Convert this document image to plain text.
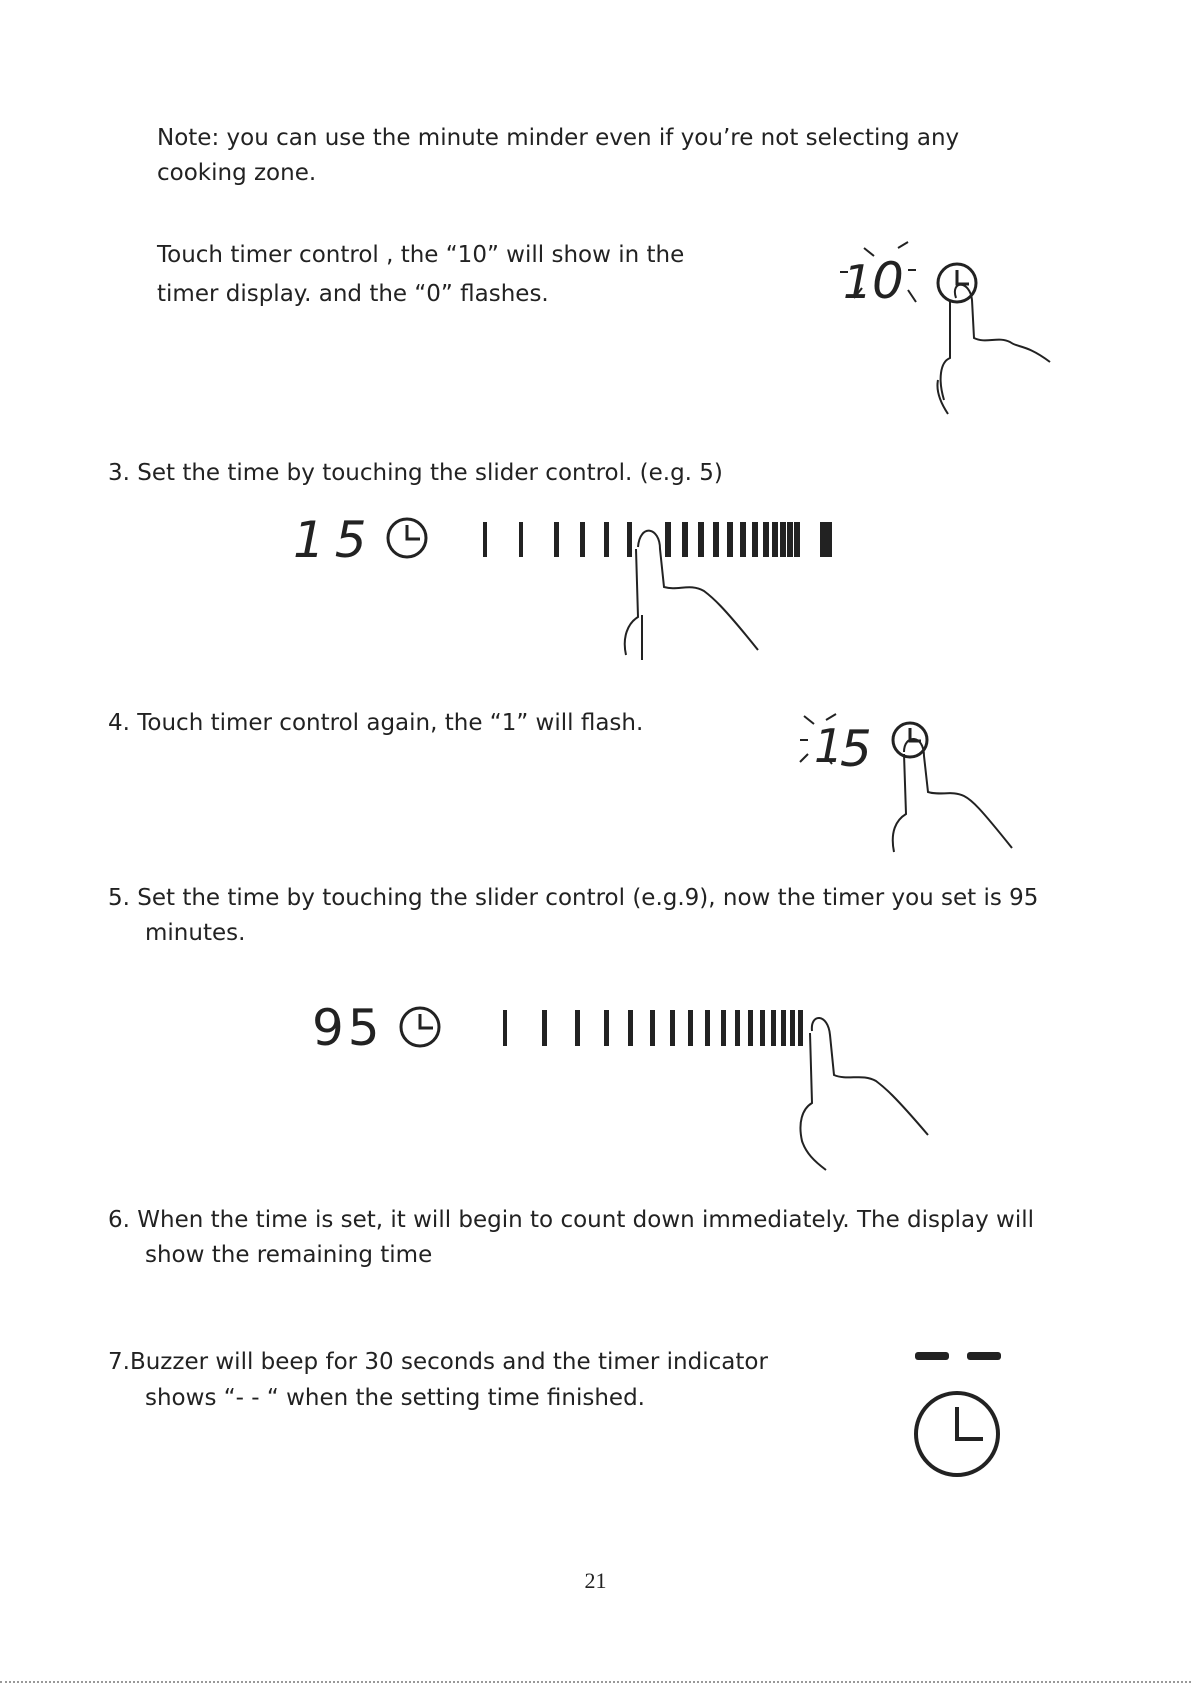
Note: you can use the minute minder even if you’re not selecting any

cooking zone.

Touch timer control , the “10” will show in the

timer display. and the “0” flashes.	1 0

3. Set the time by touching the slider control. (e.g. 5)

15

4. Touch timer control again, the “1” will flash.	1
5

5. Set the time by touching the slider control (e.g.9), now the timer you set is 95

minutes.

95

6. When the time is set, it will begin to count down immediately. The display will

show the remaining time

7.Buzzer will beep for 30 seconds and the timer indicator

shows “- - “ when the setting time finished.

21
